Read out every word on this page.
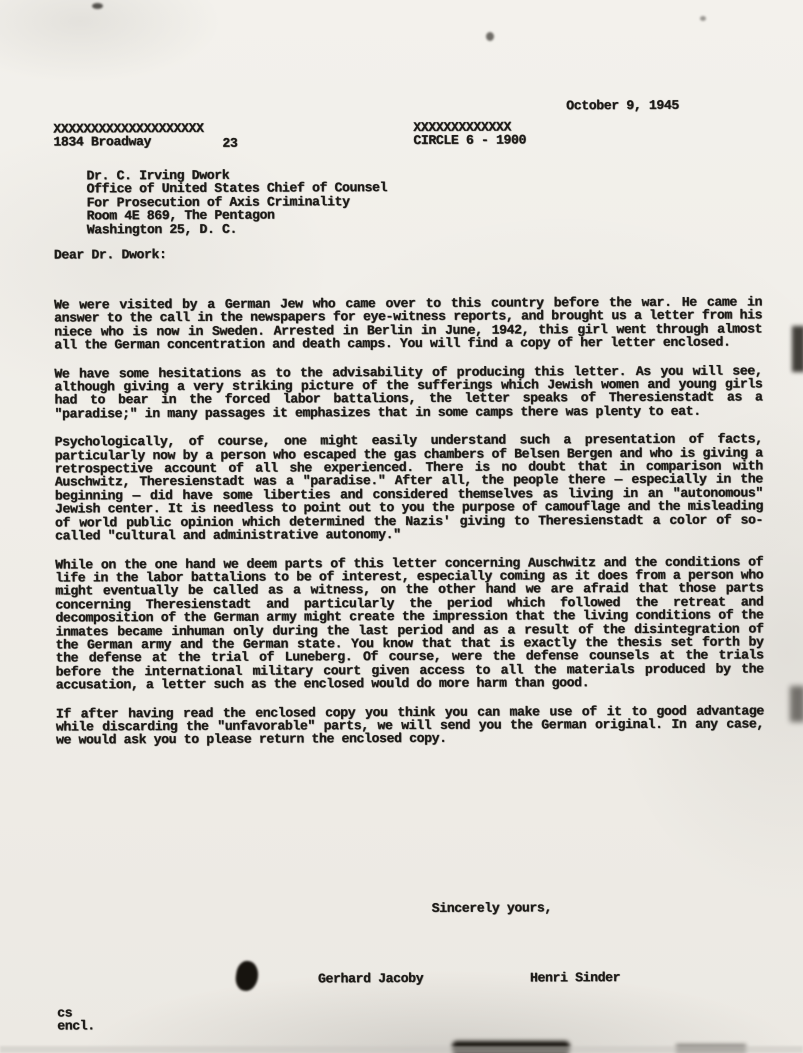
October 9, 1945
XXXXXXXXXXXXXXXXXXXX
1834 Broadway	23
XXXXXXXXXXXXX
CIRCLE 6 - 1900
Dr. C. Irving Dwork
Office of United States Chief of Counsel
For Prosecution of Axis Criminality
Room 4E 869, The Pentagon
Washington 25, D. C.
Dear Dr. Dwork:

We were visited by a German Jew who came over to this country before the war. He came in answer to the call in the newspapers for eye-witness reports, and brought us a letter from his niece who is now in Sweden. Arrested in Berlin in June, 1942, this girl went through almost all the German concentration and death camps. You will find a copy of her letter enclosed.

We have some hesitations as to the advisability of producing this letter. As you will see, although giving a very striking picture of the sufferings which Jewish women and young girls had to bear in the forced labor battalions, the letter speaks of Theresienstadt as a "paradise;" in many passages it emphasizes that in some camps there was plenty to eat.

Psychologically, of course, one might easily understand such a presentation of facts, particularly now by a person who escaped the gas chambers of Belsen Bergen and who is giving a retrospective account of all she experienced. There is no doubt that in comparison with Auschwitz, Theresienstadt was a "paradise." After all, the people there — especially in the beginning — did have some liberties and considered themselves as living in an "autonomous" Jewish center. It is needless to point out to you the purpose of camouflage and the misleading of world public opinion which determined the Nazis' giving to Theresienstadt a color of so-called "cultural and administrative autonomy."

While on the one hand we deem parts of this letter concerning Auschwitz and the conditions of life in the labor battalions to be of interest, especially coming as it does from a person who might eventually be called as a witness, on the other hand we are afraid that those parts concerning Theresienstadt and particularly the period which followed the retreat and decomposition of the German army might create the impression that the living conditions of the inmates became inhuman only during the last period and as a result of the disintegration of the German army and the German state. You know that that is exactly the thesis set forth by the defense at the trial of Luneberg. Of course, were the defense counsels at the trials before the international military court given access to all the materials produced by the accusation, a letter such as the enclosed would do more harm than good.

If after having read the enclosed copy you think you can make use of it to good advantage while discarding the "unfavorable" parts, we will send you the German original. In any case, we would ask you to please return the enclosed copy.

Sincerely yours,
Gerhard Jacoby	Henri Sinder
cs
encl.
